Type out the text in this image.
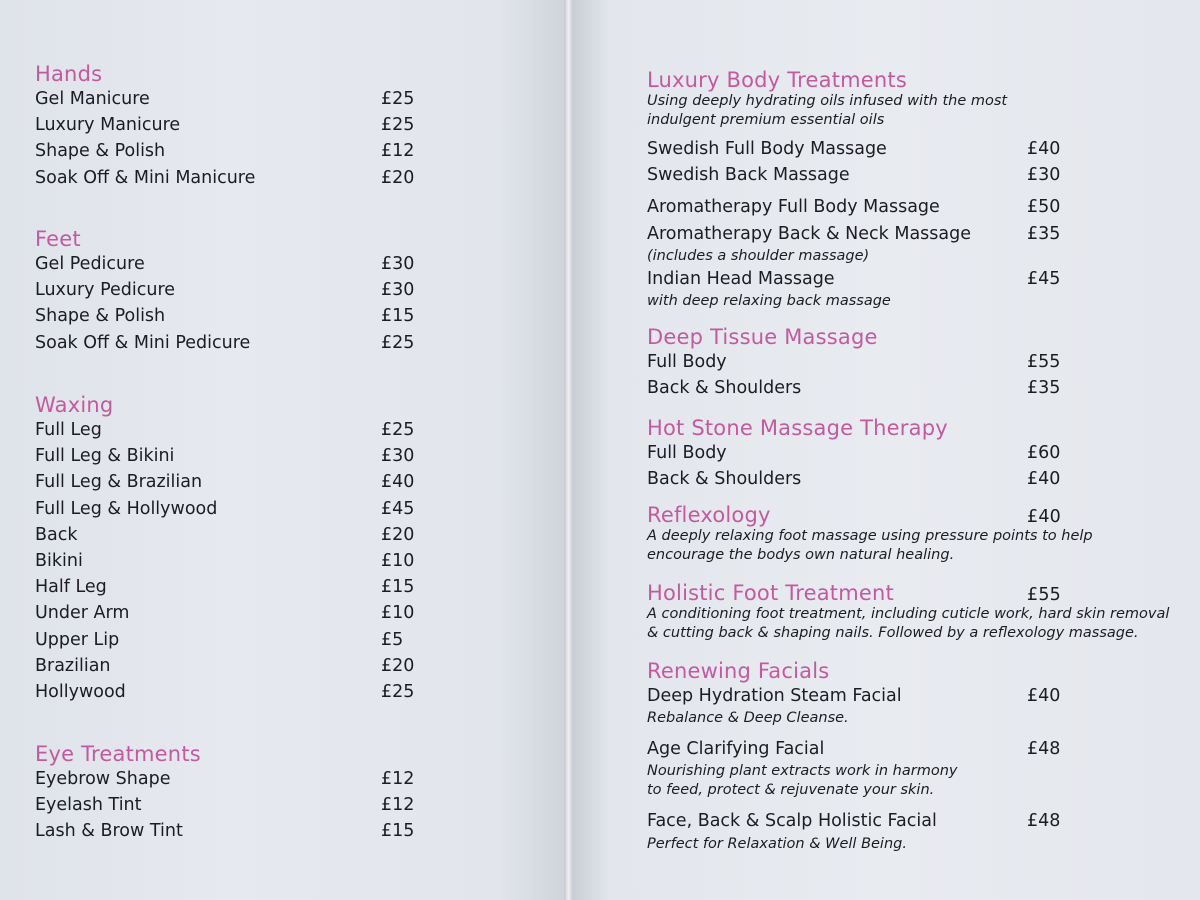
Hands
Gel Manicure	£25
Luxury Manicure	£25
Shape & Polish	£12
Soak Off & Mini Manicure	£20
Feet
Gel Pedicure	£30
Luxury Pedicure	£30
Shape & Polish	£15
Soak Off & Mini Pedicure	£25
Waxing
Full Leg	£25
Full Leg & Bikini	£30
Full Leg & Brazilian	£40
Full Leg & Hollywood	£45
Back	£20
Bikini	£10
Half Leg	£15
Under Arm	£10
Upper Lip	£5
Brazilian	£20
Hollywood	£25
Eye Treatments
Eyebrow Shape	£12
Eyelash Tint	£12
Lash & Brow Tint	£15
Luxury Body Treatments
Using deeply hydrating oils infused with the most
indulgent premium essential oils
Swedish Full Body Massage	£40
Swedish Back Massage	£30
Aromatherapy Full Body Massage	£50
Aromatherapy Back & Neck Massage	£35
(includes a shoulder massage)
Indian Head Massage	£45
with deep relaxing back massage
Deep Tissue Massage
Full Body	£55
Back & Shoulders	£35
Hot Stone Massage Therapy
Full Body	£60
Back & Shoulders	£40
Reflexology	£40
A deeply relaxing foot massage using pressure points to help
encourage the bodys own natural healing.
Holistic Foot Treatment	£55
A conditioning foot treatment, including cuticle work, hard skin removal
& cutting back & shaping nails. Followed by a reflexology massage.
Renewing Facials
Deep Hydration Steam Facial	£40
Rebalance & Deep Cleanse.
Age Clarifying Facial	£48
Nourishing plant extracts work in harmony
to feed, protect & rejuvenate your skin.
Face, Back & Scalp Holistic Facial	£48
Perfect for Relaxation & Well Being.
